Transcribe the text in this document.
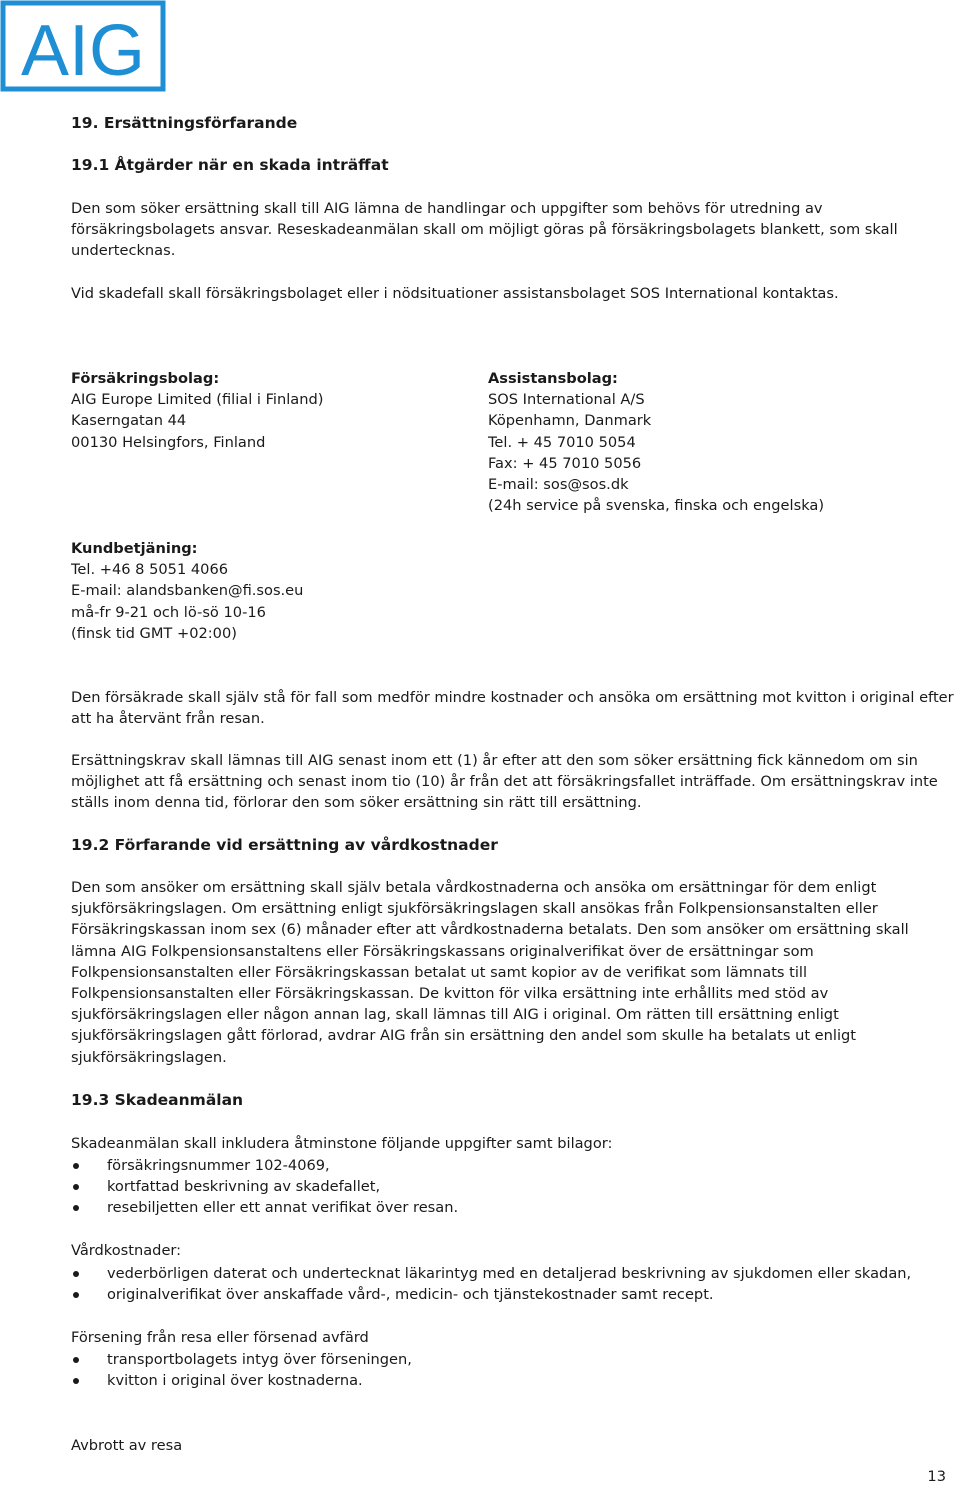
AIG
19. Ersättningsförfarande
19.1 Åtgärder när en skada inträffat

Den som söker ersättning skall till AIG lämna de handlingar och uppgifter som behövs för utredning av försäkringsbolagets ansvar. Reseskadeanmälan skall om möjligt göras på försäkringsbolagets blankett, som skall undertecknas.

Vid skadefall skall försäkringsbolaget eller i nödsituationer assistansbolaget SOS International kontaktas.

Försäkringsbolag:
AIG Europe Limited (filial i Finland)
Kaserngatan 44
00130 Helsingfors, Finland
Assistansbolag:
SOS International A/S
Köpenhamn, Danmark
Tel. + 45 7010 5054
Fax: + 45 7010 5056
E-mail: sos@sos.dk
(24h service på svenska, finska och engelska)
Kundbetjäning:
Tel. +46 8 5051 4066
E-mail: alandsbanken@fi.sos.eu
må-fr 9-21 och lö-sö 10-16
(finsk tid GMT +02:00)

Den försäkrade skall själv stå för fall som medför mindre kostnader och ansöka om ersättning mot kvitton i original efter att ha återvänt från resan.

Ersättningskrav skall lämnas till AIG senast inom ett (1) år efter att den som söker ersättning fick kännedom om sin möjlighet att få ersättning och senast inom tio (10) år från det att försäkringsfallet inträffade. Om ersättningskrav inte ställs inom denna tid, förlorar den som söker ersättning sin rätt till ersättning.

19.2 Förfarande vid ersättning av vårdkostnader

Den som ansöker om ersättning skall själv betala vårdkostnaderna och ansöka om ersättningar för dem enligt sjukförsäkringslagen. Om ersättning enligt sjukförsäkringslagen skall ansökas från Folkpensionsanstalten eller Försäkringskassan inom sex (6) månader efter att vårdkostnaderna betalats. Den som ansöker om ersättning skall lämna AIG Folkpensionsanstaltens eller Försäkringskassans originalverifikat över de ersättningar som Folkpensionsanstalten eller Försäkringskassan betalat ut samt kopior av de verifikat som lämnats till Folkpensionsanstalten eller Försäkringskassan. De kvitton för vilka ersättning inte erhållits med stöd av sjukförsäkringslagen eller någon annan lag, skall lämnas till AIG i original. Om rätten till ersättning enligt sjukförsäkringslagen gått förlorad, avdrar AIG från sin ersättning den andel som skulle ha betalats ut enligt sjukförsäkringslagen.

19.3 Skadeanmälan

Skadeanmälan skall inkludera åtminstone följande uppgifter samt bilagor:

försäkringsnummer 102-4069,
kortfattad beskrivning av skadefallet,
resebiljetten eller ett annat verifikat över resan.
Vårdkostnader:
vederbörligen daterat och undertecknat läkarintyg med en detaljerad beskrivning av sjukdomen eller skadan,
originalverifikat över anskaffade vård-, medicin- och tjänstekostnader samt recept.
Försening från resa eller försenad avfärd
transportbolagets intyg över förseningen,
kvitton i original över kostnaderna.
Avbrott av resa
13
